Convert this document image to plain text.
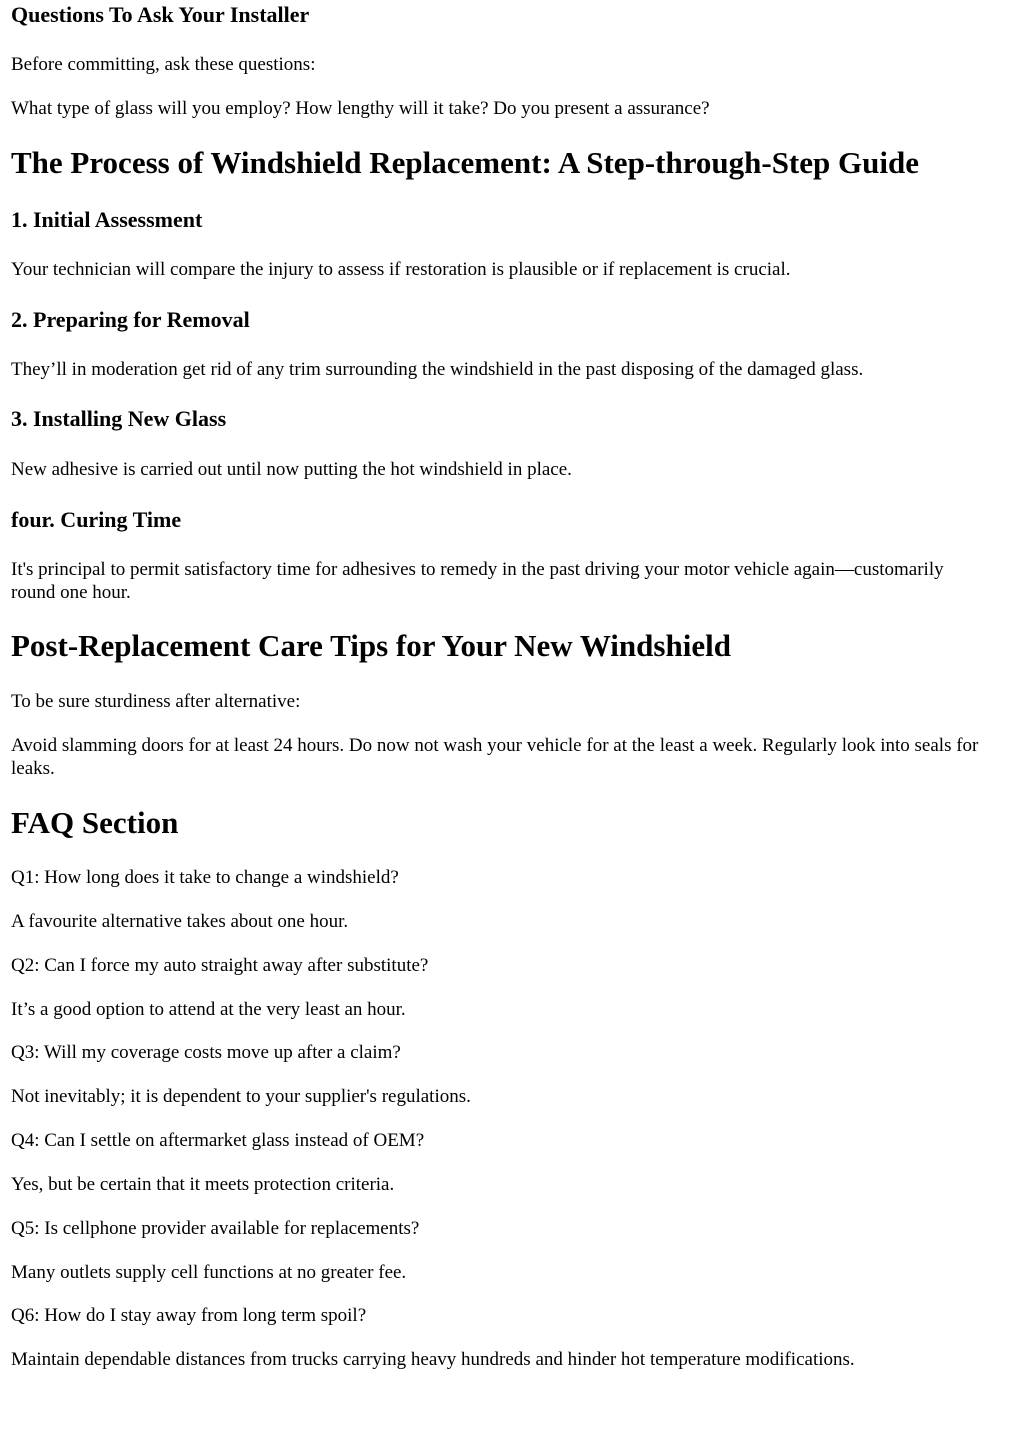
Questions To Ask Your Installer

Before committing, ask these questions:

What type of glass will you employ? How lengthy will it take? Do you present a assurance?

The Process of Windshield Replacement: A Step-through-Step Guide
1. Initial Assessment

Your technician will compare the injury to assess if restoration is plausible or if replacement is crucial.

2. Preparing for Removal

They’ll in moderation get rid of any trim surrounding the windshield in the past disposing of the damaged glass.

3. Installing New Glass

New adhesive is carried out until now putting the hot windshield in place.

four. Curing Time

It's principal to permit satisfactory time for adhesives to remedy in the past driving your motor vehicle again—customarily round one hour.

Post-Replacement Care Tips for Your New Windshield

To be sure sturdiness after alternative:

Avoid slamming doors for at least 24 hours. Do now not wash your vehicle for at the least a week. Regularly look into seals for leaks.

FAQ Section

Q1: How long does it take to change a windshield?

A favourite alternative takes about one hour.

Q2: Can I force my auto straight away after substitute?

It’s a good option to attend at the very least an hour.

Q3: Will my coverage costs move up after a claim?

Not inevitably; it is dependent to your supplier's regulations.

Q4: Can I settle on aftermarket glass instead of OEM?

Yes, but be certain that it meets protection criteria.

Q5: Is cellphone provider available for replacements?

Many outlets supply cell functions at no greater fee.

Q6: How do I stay away from long term spoil?

Maintain dependable distances from trucks carrying heavy hundreds and hinder hot temperature modifications.
